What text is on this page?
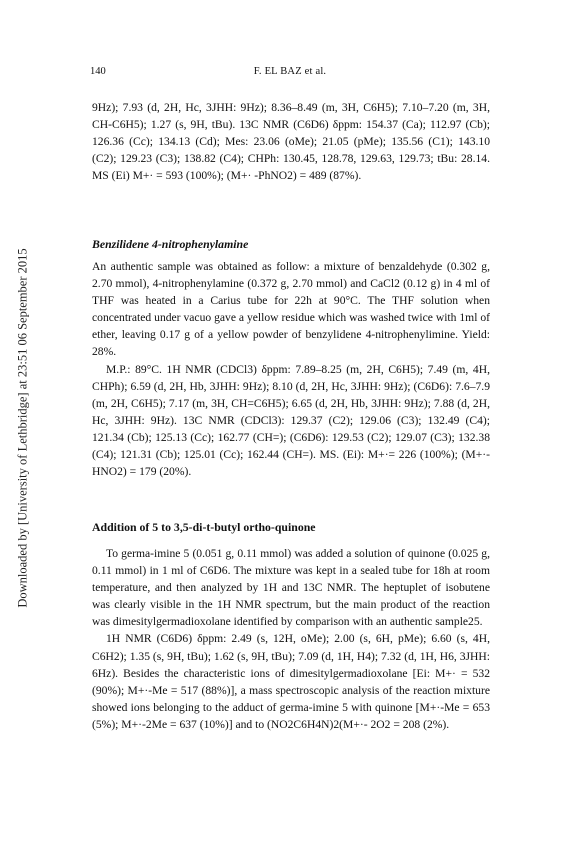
Downloaded by [University of Lethbridge] at 23:51 06 September 2015
140	F. EL BAZ et al.

9Hz); 7.93 (d, 2H, Hc, 3JHH: 9Hz); 8.36–8.49 (m, 3H, C6H5); 7.10–7.20 (m, 3H, CH-C6H5); 1.27 (s, 9H, tBu). 13C NMR (C6D6) δppm: 154.37 (Ca); 112.97 (Cb); 126.36 (Cc); 134.13 (Cd); Mes: 23.06 (oMe); 21.05 (pMe); 135.56 (C1); 143.10 (C2); 129.23 (C3); 138.82 (C4); CHPh: 130.45, 128.78, 129.63, 129.73; tBu: 28.14. MS (Ei) M+· = 593 (100%); (M+· -PhNO2) = 489 (87%).

Benzilidene 4-nitrophenylamine

An authentic sample was obtained as follow: a mixture of benzaldehyde (0.302 g, 2.70 mmol), 4-nitrophenylamine (0.372 g, 2.70 mmol) and CaCl2 (0.12 g) in 4 ml of THF was heated in a Carius tube for 22h at 90°C. The THF solution when concentrated under vacuo gave a yellow residue which was washed twice with 1ml of ether, leaving 0.17 g of a yellow powder of benzylidene 4-nitrophenylimine. Yield: 28%.

M.P.: 89°C. 1H NMR (CDCl3) δppm: 7.89–8.25 (m, 2H, C6H5); 7.49 (m, 4H, CHPh); 6.59 (d, 2H, Hb, 3JHH: 9Hz); 8.10 (d, 2H, Hc, 3JHH: 9Hz); (C6D6): 7.6–7.9 (m, 2H, C6H5); 7.17 (m, 3H, CH=C6H5); 6.65 (d, 2H, Hb, 3JHH: 9Hz); 7.88 (d, 2H, Hc, 3JHH: 9Hz). 13C NMR (CDCl3): 129.37 (C2); 129.06 (C3); 132.49 (C4); 121.34 (Cb); 125.13 (Cc); 162.77 (CH=); (C6D6): 129.53 (C2); 129.07 (C3); 132.38 (C4); 121.31 (Cb); 125.01 (Cc); 162.44 (CH=). MS. (Ei): M+·= 226 (100%); (M+·- HNO2) = 179 (20%).

Addition of 5 to 3,5-di-t-butyl ortho-quinone

To germa-imine 5 (0.051 g, 0.11 mmol) was added a solution of quinone (0.025 g, 0.11 mmol) in 1 ml of C6D6. The mixture was kept in a sealed tube for 18h at room temperature, and then analyzed by 1H and 13C NMR. The heptuplet of isobutene was clearly visible in the 1H NMR spectrum, but the main product of the reaction was dimesitylgermadioxolane identified by comparison with an authentic sample25.

1H NMR (C6D6) δppm: 2.49 (s, 12H, oMe); 2.00 (s, 6H, pMe); 6.60 (s, 4H, C6H2); 1.35 (s, 9H, tBu); 1.62 (s, 9H, tBu); 7.09 (d, 1H, H4); 7.32 (d, 1H, H6, 3JHH: 6Hz). Besides the characteristic ions of dimesitylgermadioxolane [Ei: M+· = 532 (90%); M+·-Me = 517 (88%)], a mass spectroscopic analysis of the reaction mixture showed ions belonging to the adduct of germa-imine 5 with quinone [M+·-Me = 653 (5%); M+·-2Me = 637 (10%)] and to (NO2C6H4N)2(M+·- 2O2 = 208 (2%).
